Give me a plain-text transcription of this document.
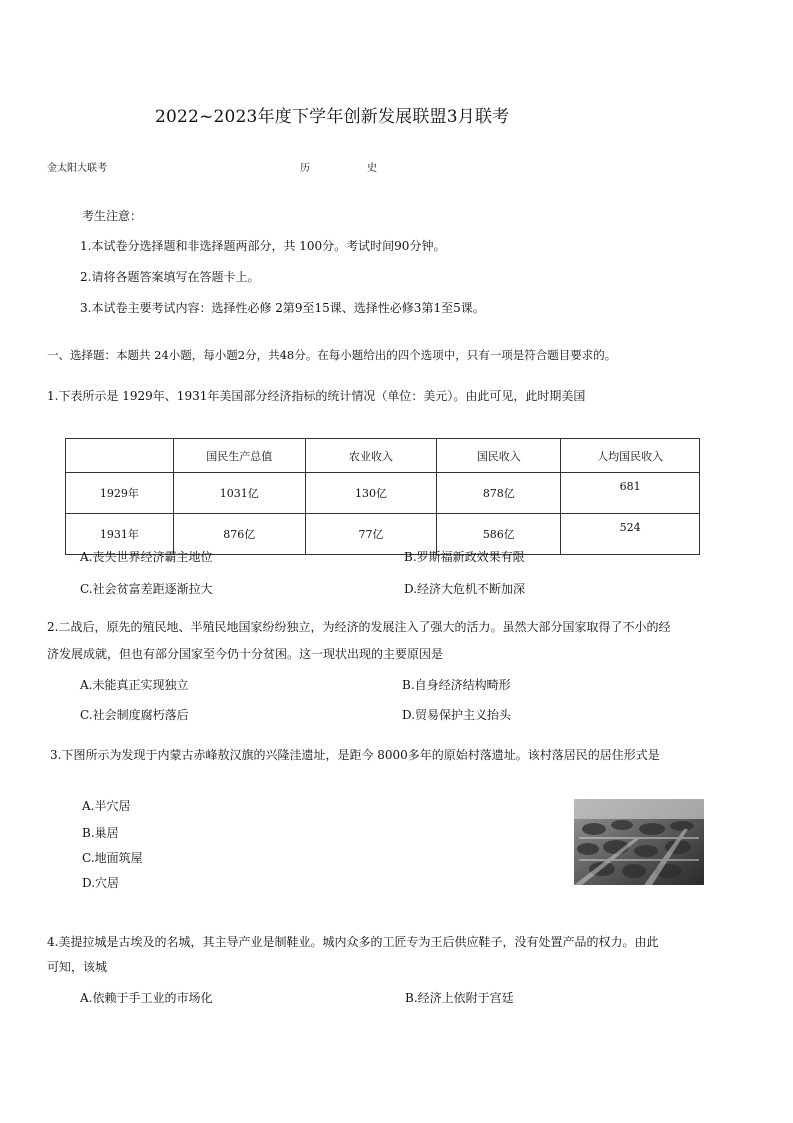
2022~2023年度下学年创新发展联盟3月联考
金太阳大联考	历	史
考生注意：
1.本试卷分选择题和非选择题两部分，共 100分。考试时间90分钟。
2.请将各题答案填写在答题卡上。
3.本试卷主要考试内容：选择性必修 2第9至15课、选择性必修3第1至5课。
一、选择题：本题共 24小题，每小题2分，共48分。在每小题给出的四个选项中，只有一项是符合题目要求的。
1.下表所示是 1929年、1931年美国部分经济指标的统计情况（单位：美元）。由此可见，此时期美国
	国民生产总值	农业收入	国民收入	人均国民收入
1929年	1031亿	130亿	878亿	681
1931年	876亿	77亿	586亿	524
A.丧失世界经济霸主地位	B.罗斯福新政效果有限
C.社会贫富差距逐渐拉大	D.经济大危机不断加深
2.二战后，原先的殖民地、半殖民地国家纷纷独立，为经济的发展注入了强大的活力。虽然大部分国家取得了不小的经
济发展成就，但也有部分国家至今仍十分贫困。这一现状出现的主要原因是
A.未能真正实现独立	B.自身经济结构畸形
C.社会制度腐朽落后	D.贸易保护主义抬头
3.下图所示为发现于内蒙古赤峰敖汉旗的兴隆洼遗址，是距今 8000多年的原始村落遗址。该村落居民的居住形式是
A.半穴居
B.巢居
C.地面筑屋
D.穴居
4.美提拉城是古埃及的名城，其主导产业是制鞋业。城内众多的工匠专为王后供应鞋子，没有处置产品的权力。由此
可知，该城
A.依赖于手工业的市场化	B.经济上依附于宫廷
